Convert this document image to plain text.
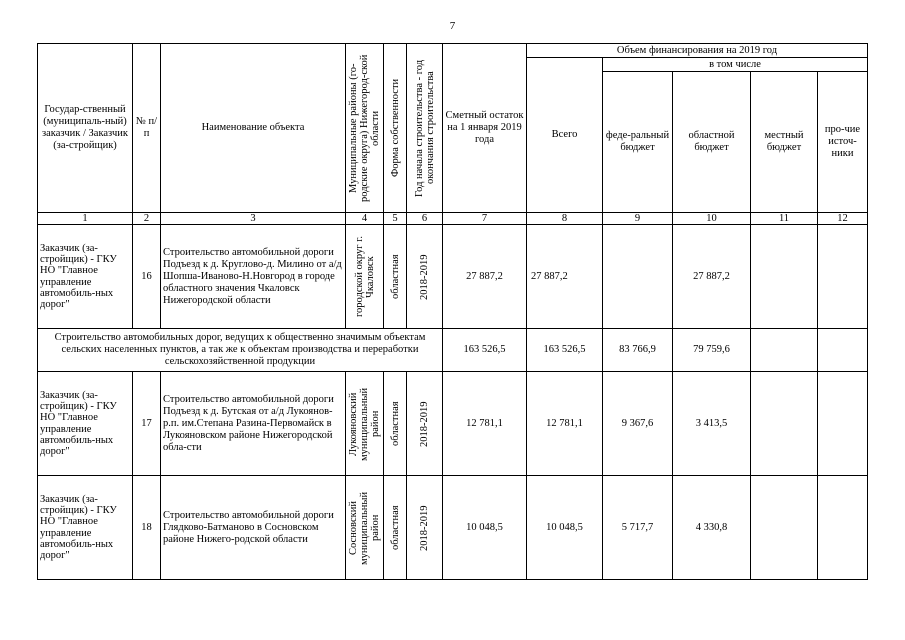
7
Государ-ственный (муниципаль-ный) заказчик / Заказчик (за-стройщик)	№ п/п	Наименование объекта	Муниципальные районы (го-родские округа) Нижегород-ской области	Форма собственности	Год начала строительства - год окончания строительства	Сметный остаток на 1 января 2019 года	Объем финансирования на 2019 год				
							Всего	в том числе			
								феде-ральный бюджет	областной бюджет	местный бюджет	про-чие источ-ники
1	2	3	4	5	6	7	8	9	10	11	12
Заказчик (за-стройщик) - ГКУ НО "Главное управление автомобиль-ных дорог"	16	Строительство автомобильной дороги Подъезд к д. Круглово-д. Милино от а/д Шопша-Иваново-Н.Новгород в городе областного значения Чкаловск Нижегородской области	городской округ г. Чкаловск	областная	2018-2019	27 887,2	27 887,2		27 887,2		
Строительство автомобильных дорог, ведущих к общественно значимым объектам сельских населенных пунктов, а так же к объектам производства и переработки сельскохозяйственной продукции						163 526,5	163 526,5	83 766,9	79 759,6		
Заказчик (за-стройщик) - ГКУ НО "Главное управление автомобиль-ных дорог"	17	Строительство автомобильной дороги Подъезд к д. Бутская от а/д Лукоянов-р.п. им.Степана Разина-Первомайск в Лукояновском районе Нижегородской обла-сти	Лукояновский муниципальный район	областная	2018-2019	12 781,1	12 781,1	9 367,6	3 413,5		
Заказчик (за-стройщик) - ГКУ НО "Главное управление автомобиль-ных дорог"	18	Строительство автомобильной дороги Глядково-Батманово в Сосновском районе Нижего-родской области	Сосновский муниципальный район	областная	2018-2019	10 048,5	10 048,5	5 717,7	4 330,8		
